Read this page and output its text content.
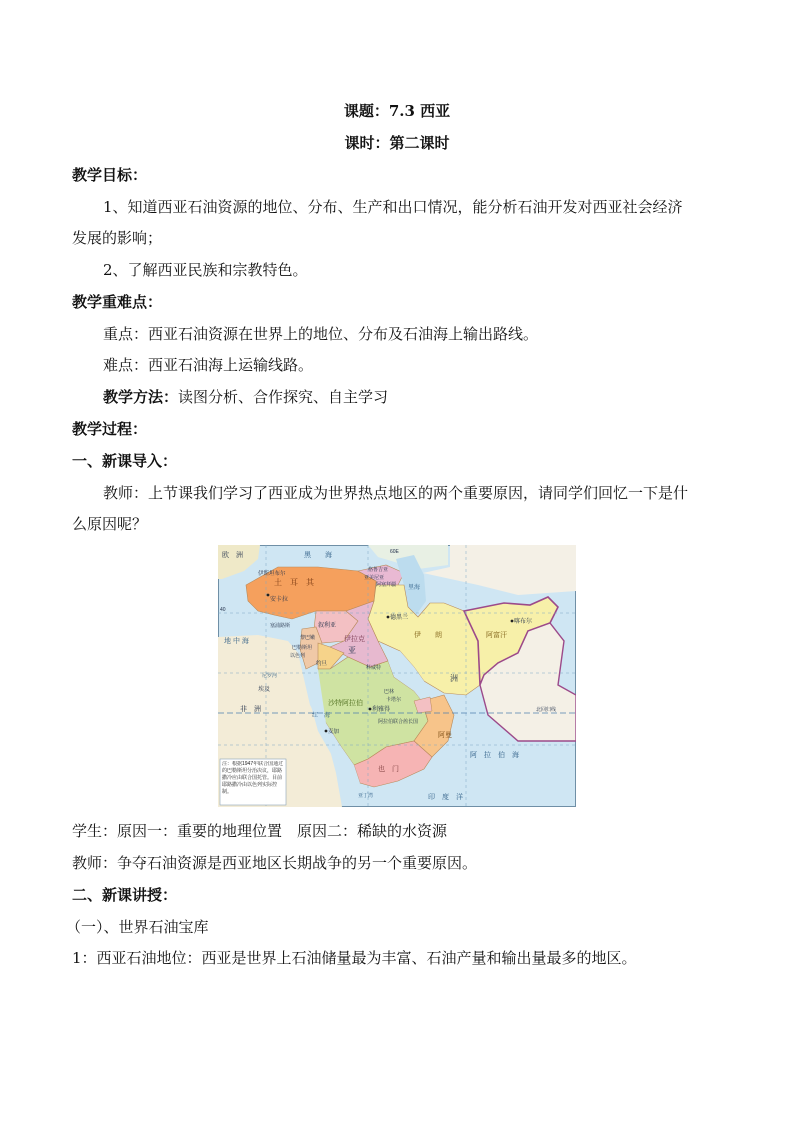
课题：7.3 西亚
课时：第二课时
教学目标：
1、知道西亚石油资源的地位、分布、生产和出口情况，能分析石油开发对西亚社会经济
发展的影响；
2、了解西亚民族和宗教特色。
教学重难点：
重点：西亚石油资源在世界上的地位、分布及石油海上输出路线。
难点：西亚石油海上运输线路。
教学方法：读图分析、合作探究、自主学习
教学过程：
一、新课导入：
教师：上节课我们学习了西亚成为世界热点地区的两个重要原因，请同学们回忆一下是什
么原因呢？
欧　洲	黑　　海
伊斯坦布尔
土　耳　其
安卡拉
格鲁吉亚
亚美尼亚
阿塞拜疆 里海
德黑兰
伊　　朗	阿富汗
喀布尔
塞浦路斯	叙利亚
黎巴嫩
地 中 海	伊拉克
以色列
巴勒斯坦
约旦
科威特
亚
洲
沙特阿拉伯
巴林
卡塔尔
利雅得
阿拉伯联合酋长国
阿曼
麦加
红　海
非　洲
也　门
阿　拉　伯　海
印　度　洋
亚丁湾
北回归线
尼罗河
埃及
60E
40
注：根据1947年联合国通过的巴勒斯坦分治决议，耶路撒冷应由联合国托管。目前耶路撒冷由以色列实际控制。
学生：原因一：重要的地理位置　原因二：稀缺的水资源
教师：争夺石油资源是西亚地区长期战争的另一个重要原因。
二、新课讲授：
（一）、世界石油宝库
1：西亚石油地位：西亚是世界上石油储量最为丰富、石油产量和输出量最多的地区。
